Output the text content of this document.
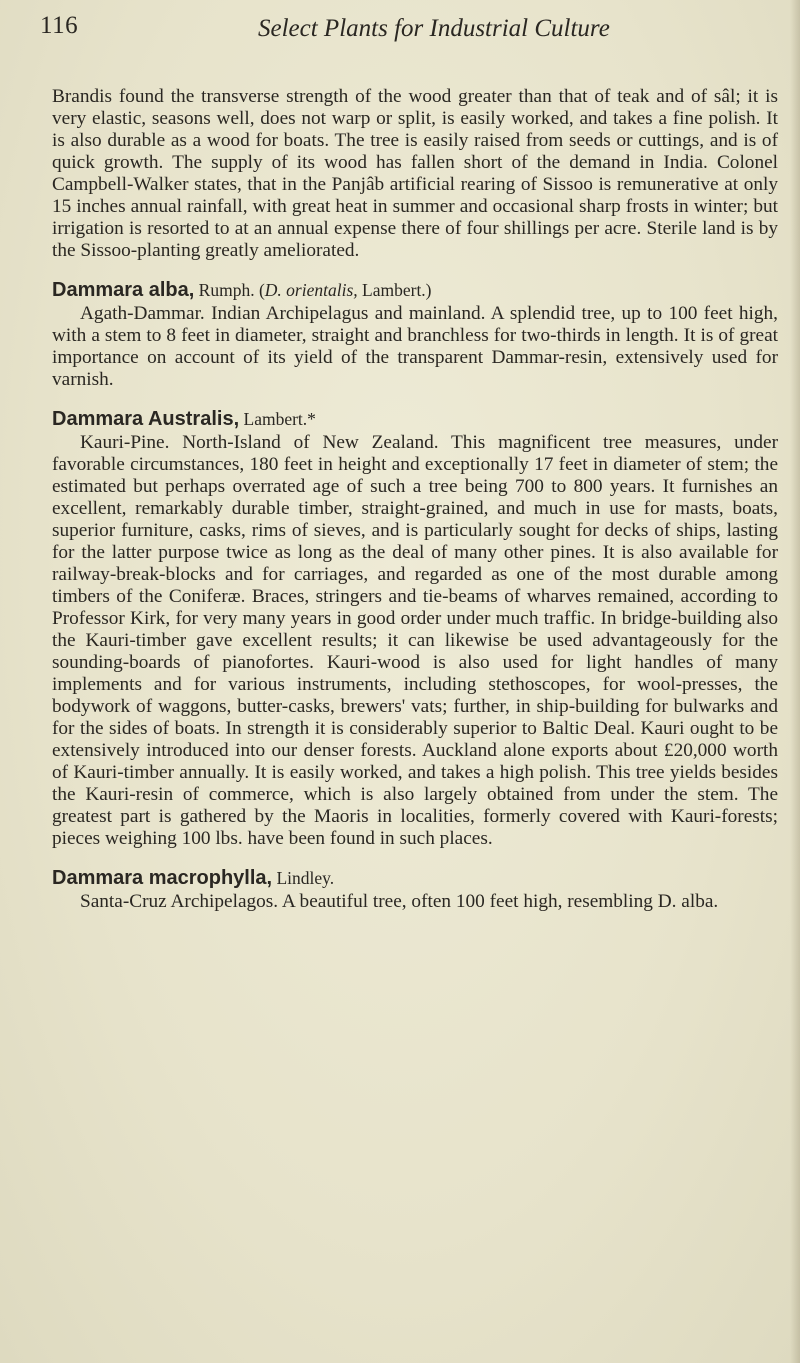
116	Select Plants for Industrial Culture

Brandis found the transverse strength of the wood greater than that of teak and of sâl; it is very elastic, seasons well, does not warp or split, is easily worked, and takes a fine polish. It is also durable as a wood for boats. The tree is easily raised from seeds or cuttings, and is of quick growth. The supply of its wood has fallen short of the demand in India. Colonel Campbell-Walker states, that in the Panjâb artificial rearing of Sissoo is remunerative at only 15 inches annual rainfall, with great heat in summer and occasional sharp frosts in winter; but irrigation is resorted to at an annual expense there of four shillings per acre. Sterile land is by the Sissoo-planting greatly ameliorated.

Dammara alba, Rumph. (D. orientalis, Lambert.)

Agath-Dammar. Indian Archipelagus and mainland. A splendid tree, up to 100 feet high, with a stem to 8 feet in diameter, straight and branchless for two-thirds in length. It is of great importance on account of its yield of the transparent Dammar-resin, extensively used for varnish.

Dammara Australis, Lambert.*

Kauri-Pine. North-Island of New Zealand. This magnificent tree measures, under favorable circumstances, 180 feet in height and exceptionally 17 feet in diameter of stem; the estimated but perhaps overrated age of such a tree being 700 to 800 years. It furnishes an excellent, remarkably durable timber, straight-grained, and much in use for masts, boats, superior furniture, casks, rims of sieves, and is particularly sought for decks of ships, lasting for the latter purpose twice as long as the deal of many other pines. It is also available for railway-break-blocks and for carriages, and regarded as one of the most durable among timbers of the Coniferæ. Braces, stringers and tie-beams of wharves remained, according to Professor Kirk, for very many years in good order under much traffic. In bridge-building also the Kauri-timber gave excellent results; it can likewise be used advantageously for the sounding-boards of pianofortes. Kauri-wood is also used for light handles of many implements and for various instruments, including stethoscopes, for wool-presses, the bodywork of waggons, butter-casks, brewers' vats; further, in ship-building for bulwarks and for the sides of boats. In strength it is considerably superior to Baltic Deal. Kauri ought to be extensively introduced into our denser forests. Auckland alone exports about £20,000 worth of Kauri-timber annually. It is easily worked, and takes a high polish. This tree yields besides the Kauri-resin of commerce, which is also largely obtained from under the stem. The greatest part is gathered by the Maoris in localities, formerly covered with Kauri-forests; pieces weighing 100 lbs. have been found in such places.

Dammara macrophylla, Lindley.

Santa-Cruz Archipelagos. A beautiful tree, often 100 feet high, resembling D. alba.
